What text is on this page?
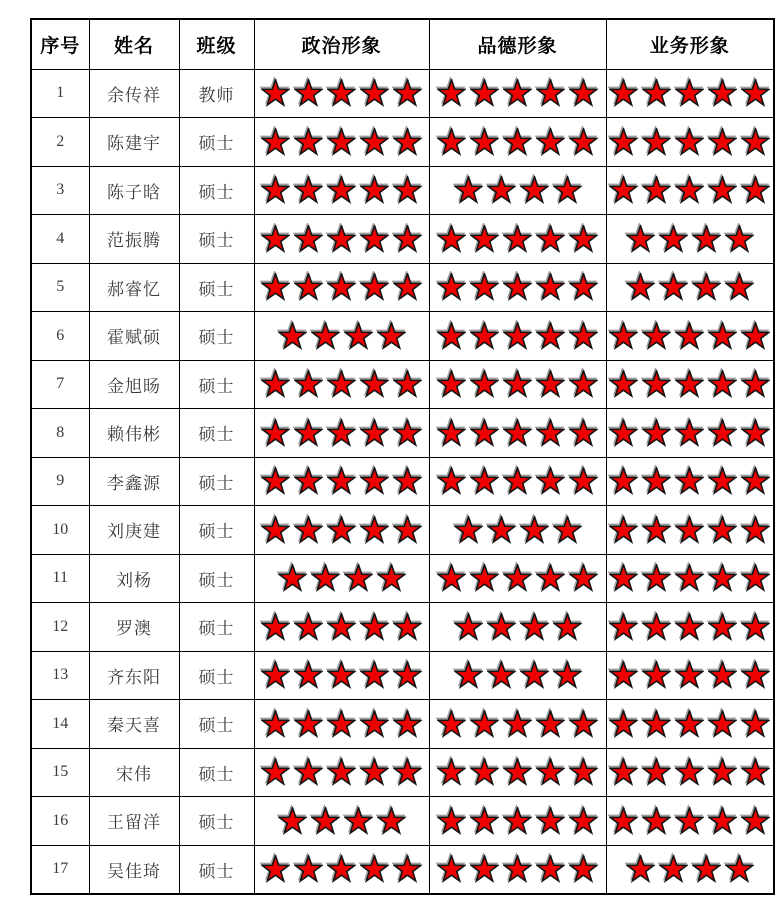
序号	姓名	班级	政治形象	品德形象	业务形象
1	余传祥	教师	

2	陈建宇	硕士	

3	陈子晗	硕士	

4	范振腾	硕士	

5	郝睿忆	硕士	

6	霍赋硕	硕士	

7	金旭旸	硕士	

8	赖伟彬	硕士	

9	李鑫源	硕士	

10	刘庚建	硕士	

11	刘杨	硕士	

12	罗澳	硕士	

13	齐东阳	硕士	

14	秦天喜	硕士	

15	宋伟	硕士	

16	王留洋	硕士	

17	吴佳琦	硕士	
